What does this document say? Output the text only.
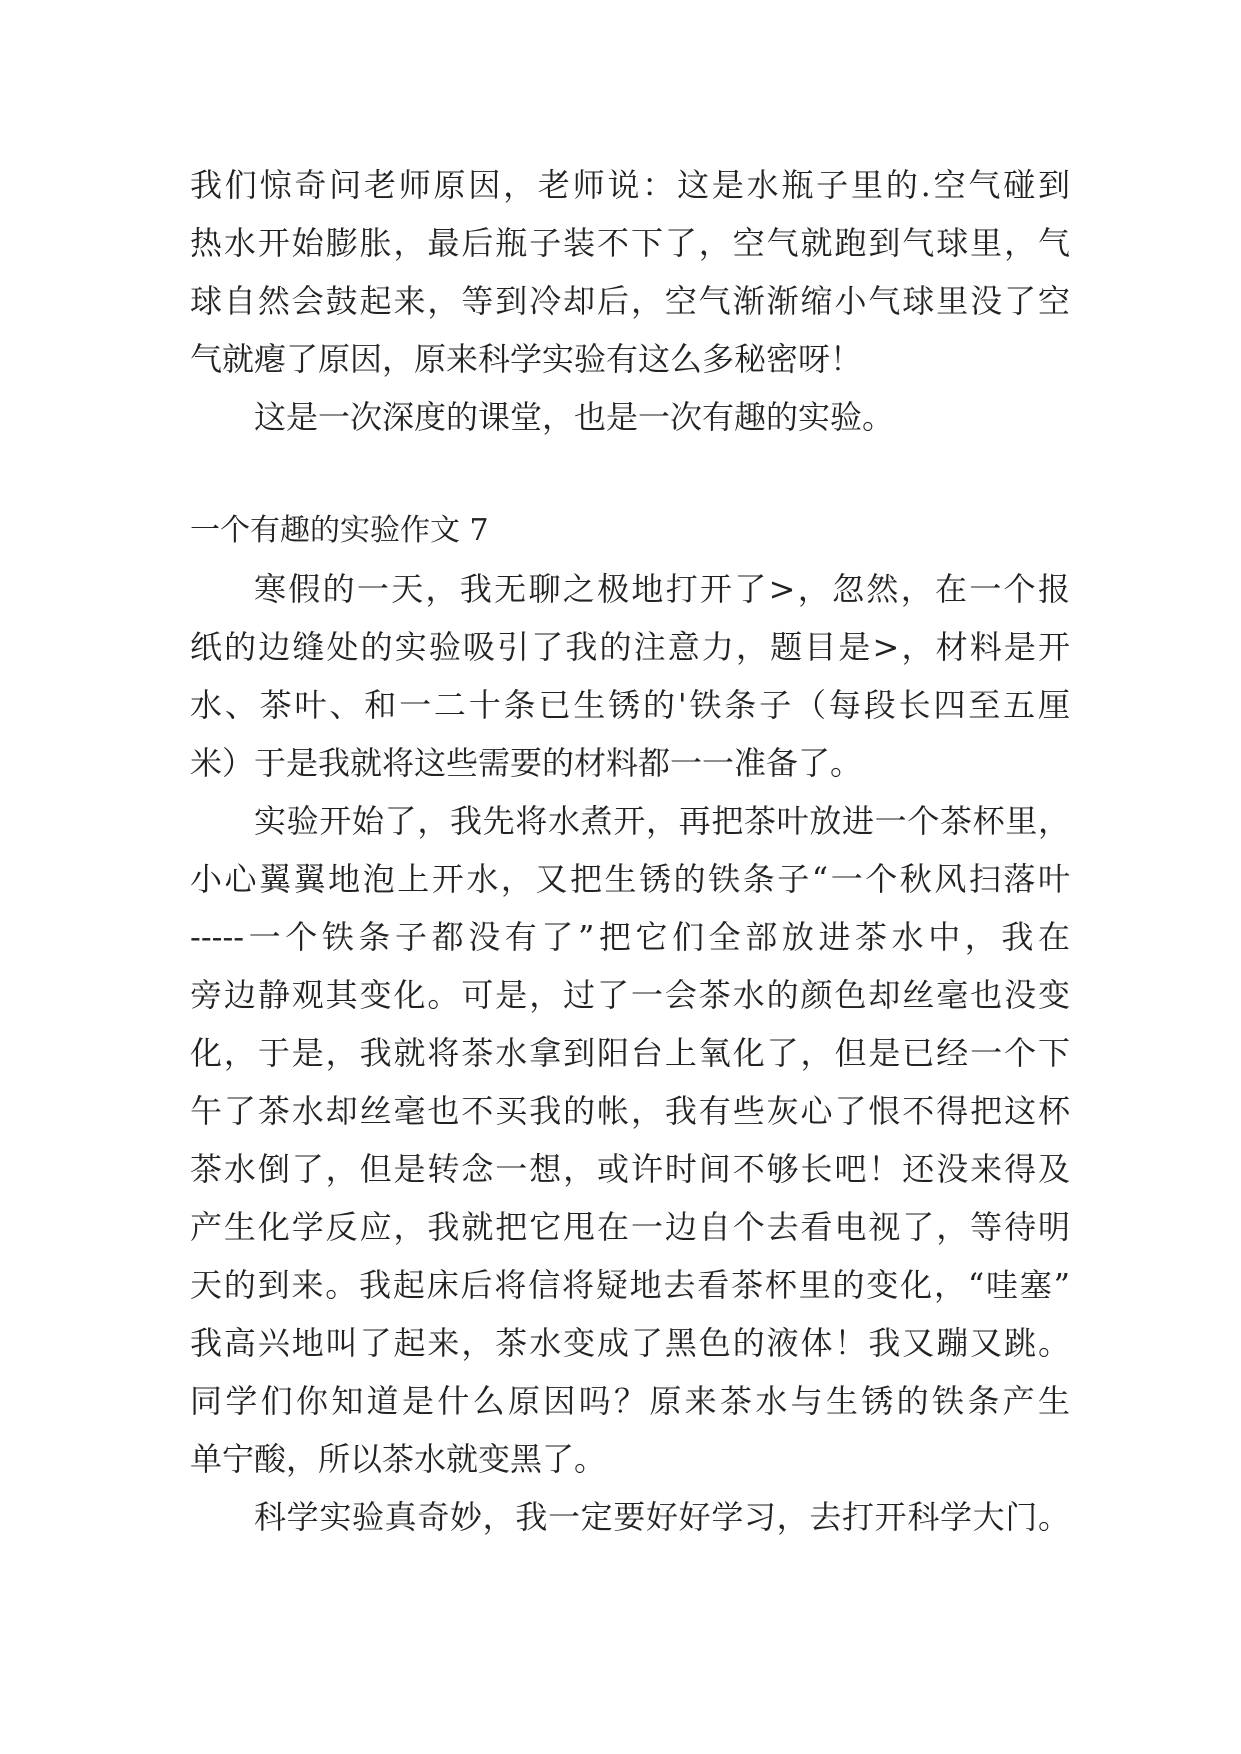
我们惊奇问老师原因，老师说：这是水瓶子里的.空气碰到
热水开始膨胀，最后瓶子装不下了，空气就跑到气球里，气
球自然会鼓起来，等到冷却后，空气渐渐缩小气球里没了空
气就瘪了原因，原来科学实验有这么多秘密呀！
这是一次深度的课堂，也是一次有趣的实验。
一个有趣的实验作文 7
寒假的一天，我无聊之极地打开了>，忽然，在一个报
纸的边缝处的实验吸引了我的注意力，题目是>，材料是开
水、茶叶、和一二十条已生锈的'铁条子（每段长四至五厘
米）于是我就将这些需要的材料都一一准备了。
实验开始了，我先将水煮开，再把茶叶放进一个茶杯里，
小心翼翼地泡上开水，又把生锈的铁条子“一个秋风扫落叶
-----一个铁条子都没有了”把它们全部放进茶水中，我在
旁边静观其变化。可是，过了一会茶水的颜色却丝毫也没变
化，于是，我就将茶水拿到阳台上氧化了，但是已经一个下
午了茶水却丝毫也不买我的帐，我有些灰心了恨不得把这杯
茶水倒了，但是转念一想，或许时间不够长吧！还没来得及
产生化学反应，我就把它甩在一边自个去看电视了，等待明
天的到来。我起床后将信将疑地去看茶杯里的变化，“哇塞”
我高兴地叫了起来，茶水变成了黑色的液体！我又蹦又跳。
同学们你知道是什么原因吗？原来茶水与生锈的铁条产生
单宁酸，所以茶水就变黑了。
科学实验真奇妙，我一定要好好学习，去打开科学大门。
